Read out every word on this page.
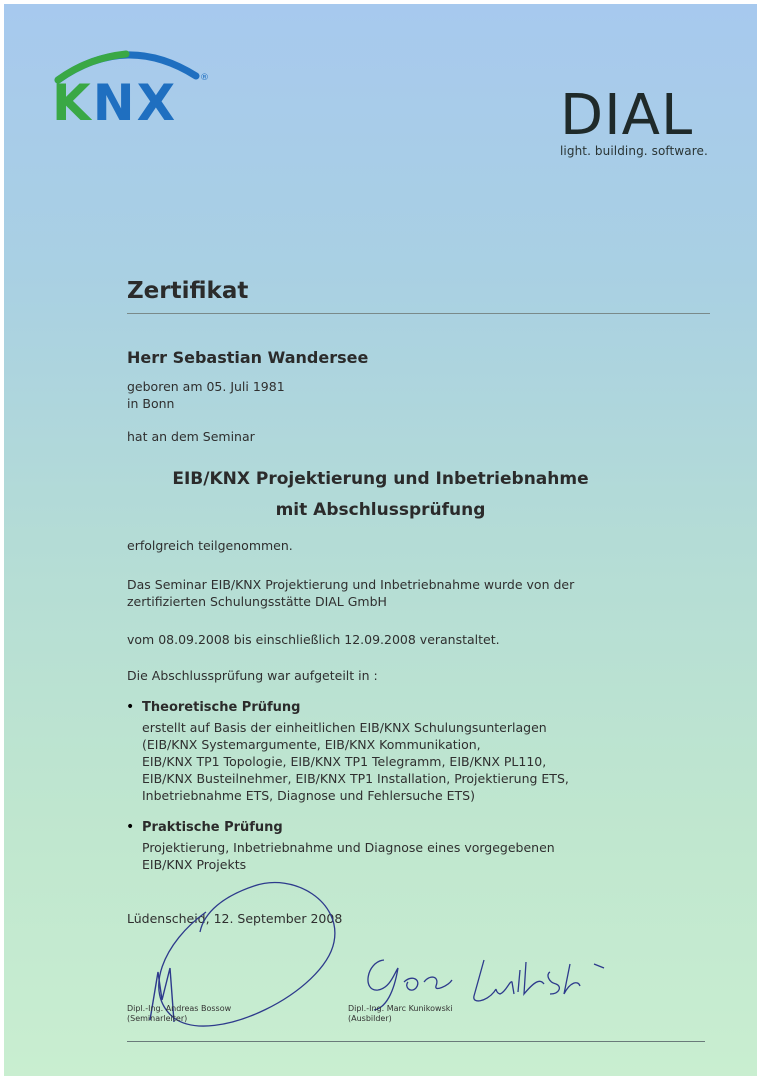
KNX	®
DIAL
light. building. software.
Zertifikat
Herr Sebastian Wandersee
geboren am 05. Juli 1981
in Bonn
hat an dem Seminar
EIB/KNX Projektierung und Inbetriebnahme
mit Abschlussprüfung
erfolgreich teilgenommen.
Das Seminar EIB/KNX Projektierung und Inbetriebnahme wurde von der
zertifizierten Schulungsstätte DIAL GmbH
vom 08.09.2008 bis einschließlich 12.09.2008 veranstaltet.
Die Abschlussprüfung war aufgeteilt in :
• Theoretische Prüfung
erstellt auf Basis der einheitlichen EIB/KNX Schulungsunterlagen
(EIB/KNX Systemargumente, EIB/KNX Kommunikation,
EIB/KNX TP1 Topologie, EIB/KNX TP1 Telegramm, EIB/KNX PL110,
EIB/KNX Busteilnehmer, EIB/KNX TP1 Installation, Projektierung ETS,
Inbetriebnahme ETS, Diagnose und Fehlersuche ETS)
• Praktische Prüfung
Projektierung, Inbetriebnahme und Diagnose eines vorgegebenen
EIB/KNX Projekts
Lüdenscheid, 12. September 2008
Dipl.-Ing. Andreas Bossow
(Seminarleiter)
Dipl.-Ing. Marc Kunikowski
(Ausbilder)
